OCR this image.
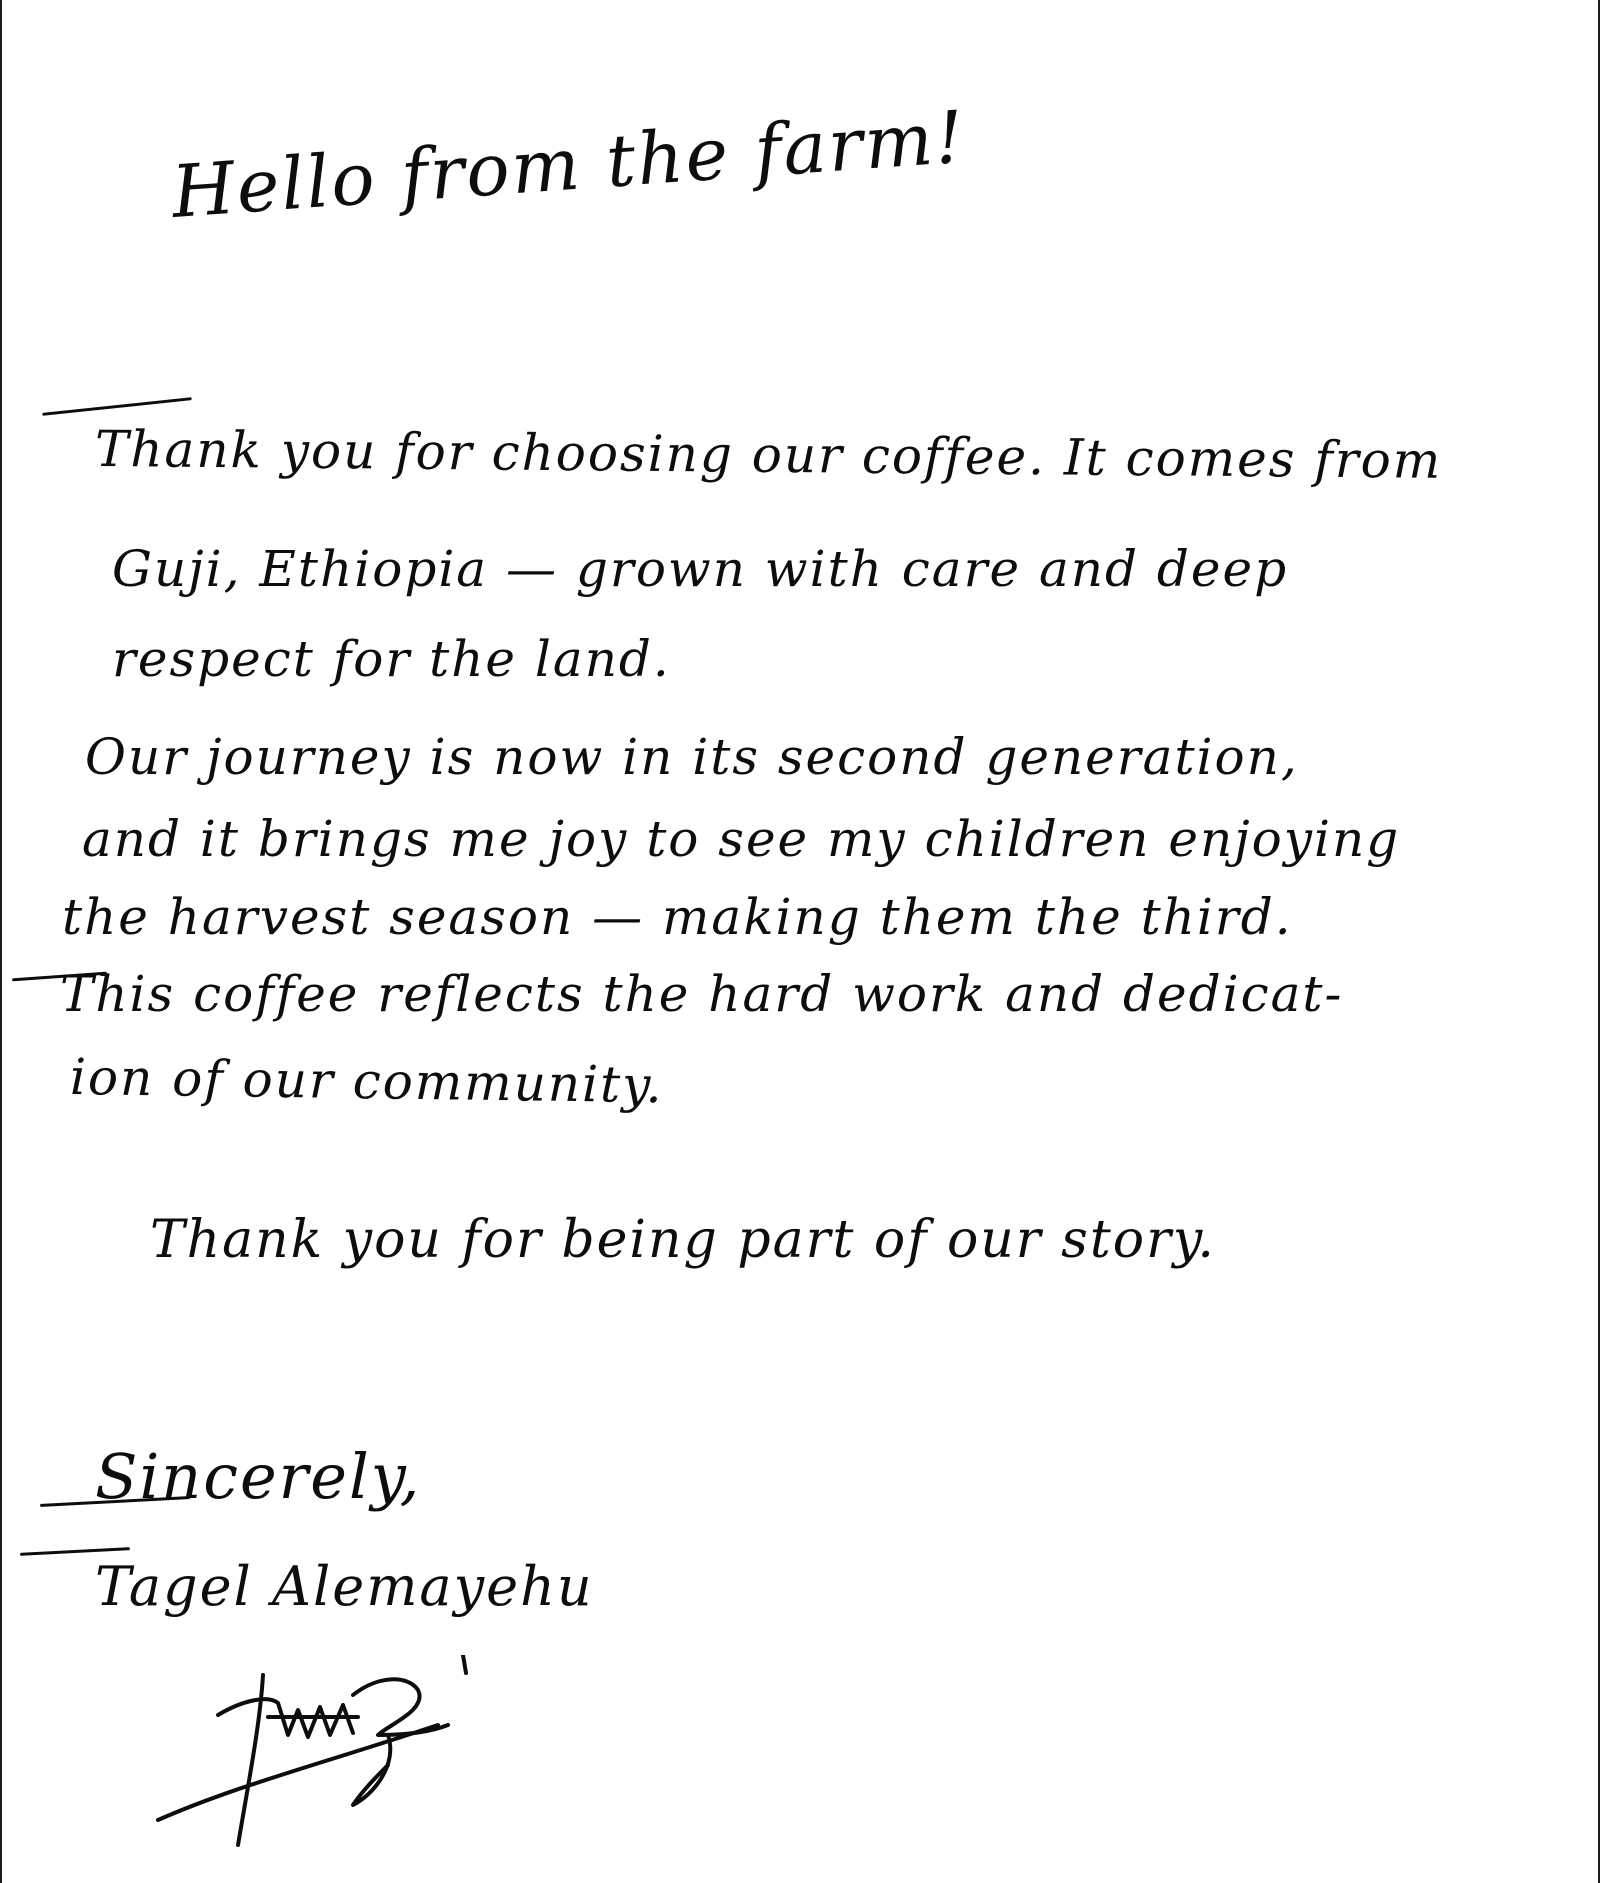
Hello from the farm!
Thank you for choosing our coffee. It comes from
Guji, Ethiopia — grown with care and deep
respect for the land.
Our journey is now in its second generation,
and it brings me joy to see my children enjoying
the harvest season — making them the third.
This coffee reflects the hard work and dedicat-
ion of our community.
Thank you for being part of our story.
Sincerely,
Tagel Alemayehu
